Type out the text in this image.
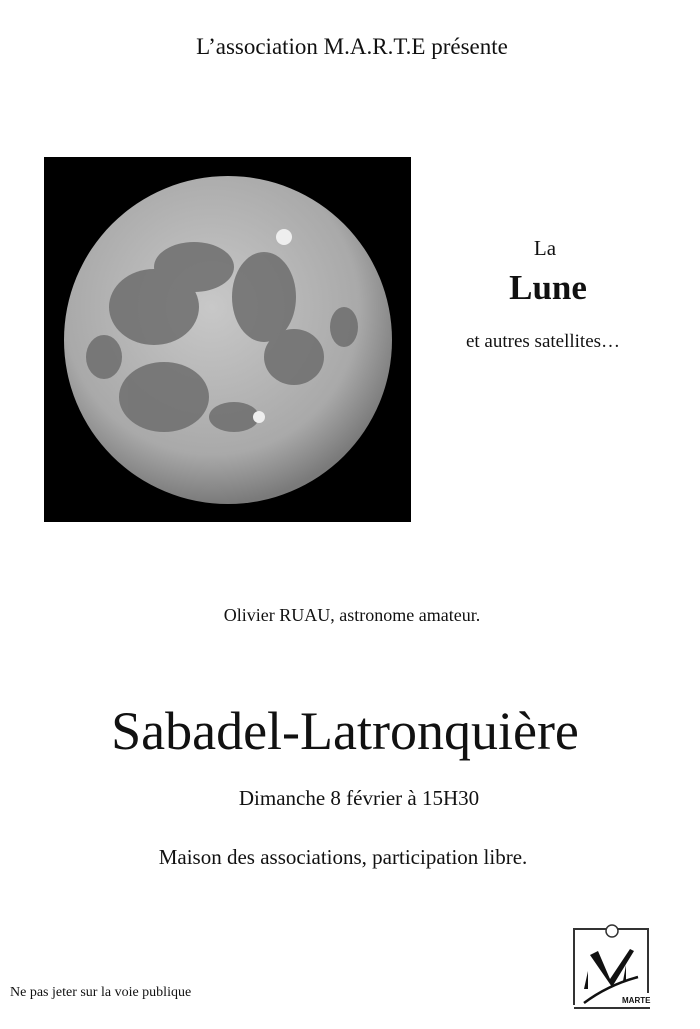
L’association M.A.R.T.E présente
La
Lune
et autres satellites…
Olivier RUAU, astronome amateur.
Sabadel-Latronquière
Dimanche 8 février à 15H30
Maison des associations, participation libre.
Ne pas jeter sur la voie publique
MARTE
